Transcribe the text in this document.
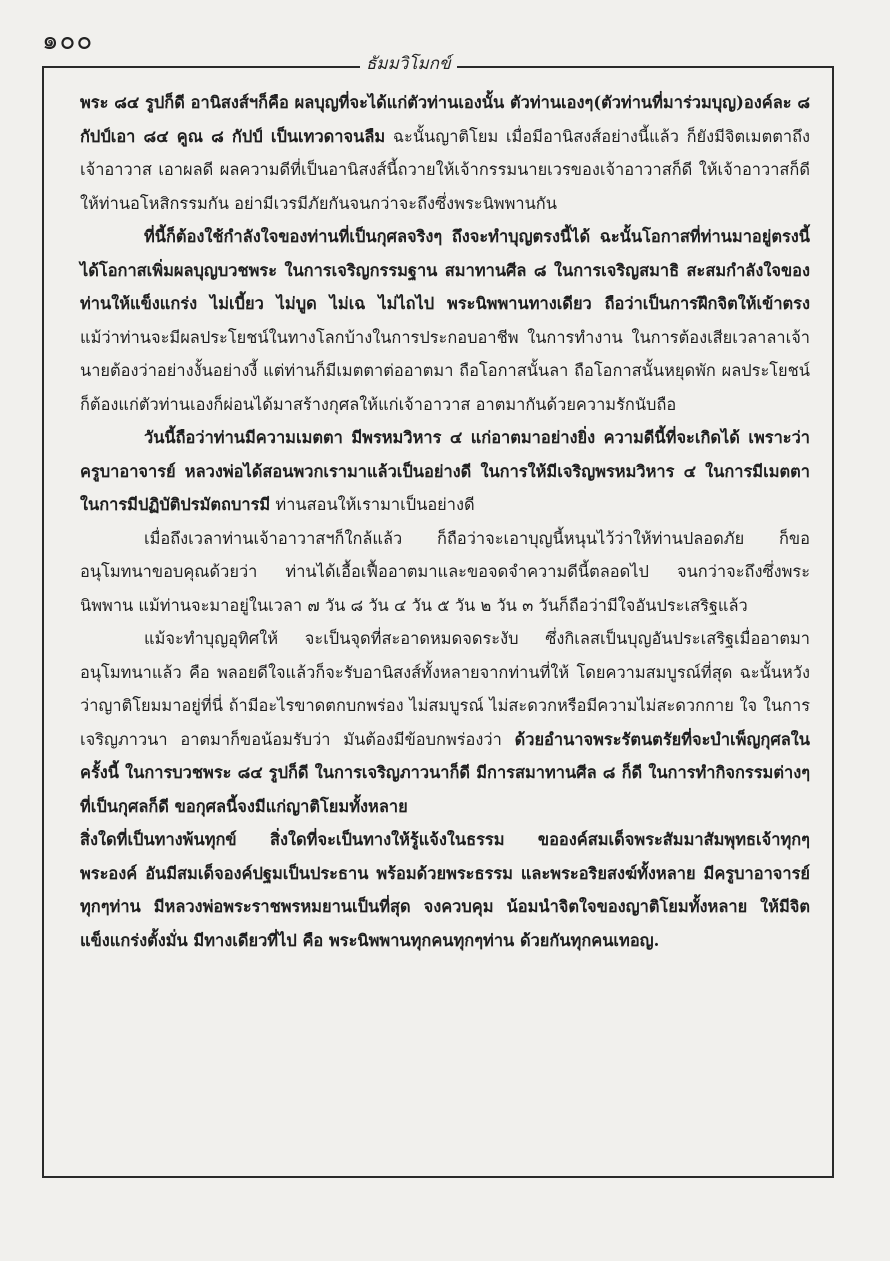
๑๐๐
ธัมมวิโมกข์

พระ ๘๔ รูปก็ดี อานิสงส์ฯก็คือ ผลบุญที่จะได้แก่ตัวท่านเองนั้น ตัวท่านเองๆ(ตัวท่านที่มาร่วมบุญ)องค์ละ ๘ กัปป์เอา ๘๔ คูณ ๘ กัปป์ เป็นเทวดาจนลืม ฉะนั้นญาติโยม เมื่อมีอานิสงส์อย่างนี้แล้ว ก็ยังมีจิตเมตตาถึงเจ้าอาวาส เอาผลดี ผลความดีที่เป็นอานิสงส์นี้ถวายให้เจ้ากรรมนายเวรของเจ้าอาวาสก็ดี ให้เจ้าอาวาสก็ดีให้ท่านอโหสิกรรมกัน อย่ามีเวรมีภัยกันจนกว่าจะถึงซึ่งพระนิพพานกัน

ที่นี้ก็ต้องใช้กำลังใจของท่านที่เป็นกุศลจริงๆ ถึงจะทำบุญตรงนี้ได้ ฉะนั้นโอกาสที่ท่านมาอยู่ตรงนี้ ได้โอกาสเพิ่มผลบุญบวชพระ ในการเจริญกรรมฐาน สมาทานศีล ๘ ในการเจริญสมาธิ สะสมกำลังใจของท่านให้แข็งแกร่ง ไม่เบี้ยว ไม่บูด ไม่เฉ ไม่ไถไป พระนิพพานทางเดียว ถือว่าเป็นการฝึกจิตให้เข้าตรง แม้ว่าท่านจะมีผลประโยชน์ในทางโลกบ้างในการประกอบอาชีพ ในการทำงาน ในการต้องเสียเวลาลาเจ้านายต้องว่าอย่างงั้นอย่างงี้ แต่ท่านก็มีเมตตาต่ออาตมา ถือโอกาสนั้นลา ถือโอกาสนั้นหยุดพัก ผลประโยชน์ก็ต้องแก่ตัวท่านเองก็ผ่อนได้มาสร้างกุศลให้แก่เจ้าอาวาส อาตมากันด้วยความรักนับถือ

วันนี้ถือว่าท่านมีความเมตตา มีพรหมวิหาร ๔ แก่อาตมาอย่างยิ่ง ความดีนี้ที่จะเกิดได้ เพราะว่าครูบาอาจารย์ หลวงพ่อได้สอนพวกเรามาแล้วเป็นอย่างดี ในการให้มีเจริญพรหมวิหาร ๔ ในการมีเมตตา ในการมีปฏิบัติปรมัตถบารมี ท่านสอนให้เรามาเป็นอย่างดี

เมื่อถึงเวลาท่านเจ้าอาวาสฯก็ใกล้แล้ว ก็ถือว่าจะเอาบุญนี้หนุนไว้ว่าให้ท่านปลอดภัย ก็ขออนุโมทนาขอบคุณด้วยว่า ท่านได้เอื้อเฟื้ออาตมาและขอจดจำความดีนี้ตลอดไป จนกว่าจะถึงซึ่งพระนิพพาน แม้ท่านจะมาอยู่ในเวลา ๗ วัน ๘ วัน ๔ วัน ๕ วัน ๒ วัน ๓ วันก็ถือว่ามีใจอันประเสริฐแล้ว

แม้จะทำบุญอุทิศให้ จะเป็นจุดที่สะอาดหมดจดระงับ ซึ่งกิเลสเป็นบุญอันประเสริฐเมื่ออาตมาอนุโมทนาแล้ว คือ พลอยดีใจแล้วก็จะรับอานิสงส์ทั้งหลายจากท่านที่ให้ โดยความสมบูรณ์ที่สุด ฉะนั้นหวังว่าญาติโยมมาอยู่ที่นี่ ถ้ามีอะไรขาดตกบกพร่อง ไม่สมบูรณ์ ไม่สะดวกหรือมีความไม่สะดวกกาย ใจ ในการเจริญภาวนา อาตมาก็ขอน้อมรับว่า มันต้องมีข้อบกพร่องว่า ด้วยอำนาจพระรัตนตรัยที่จะบำเพ็ญกุศลในครั้งนี้ ในการบวชพระ ๘๔ รูปก็ดี ในการเจริญภาวนาก็ดี มีการสมาทานศีล ๘ ก็ดี ในการทำกิจกรรมต่างๆที่เป็นกุศลก็ดี ขอกุศลนี้จงมีแก่ญาติโยมทั้งหลาย

สิ่งใดที่เป็นทางพ้นทุกข์ สิ่งใดที่จะเป็นทางให้รู้แจ้งในธรรม ขอองค์สมเด็จพระสัมมาสัมพุทธเจ้าทุกๆพระองค์ อันมีสมเด็จองค์ปฐมเป็นประธาน พร้อมด้วยพระธรรม และพระอริยสงฆ์ทั้งหลาย มีครูบาอาจารย์ทุกๆท่าน มีหลวงพ่อพระราชพรหมยานเป็นที่สุด จงควบคุม น้อมนำจิตใจของญาติโยมทั้งหลาย ให้มีจิตแข็งแกร่งตั้งมั่น มีทางเดียวที่ไป คือ พระนิพพานทุกคนทุกๆท่าน ด้วยกันทุกคนเทอญ.
